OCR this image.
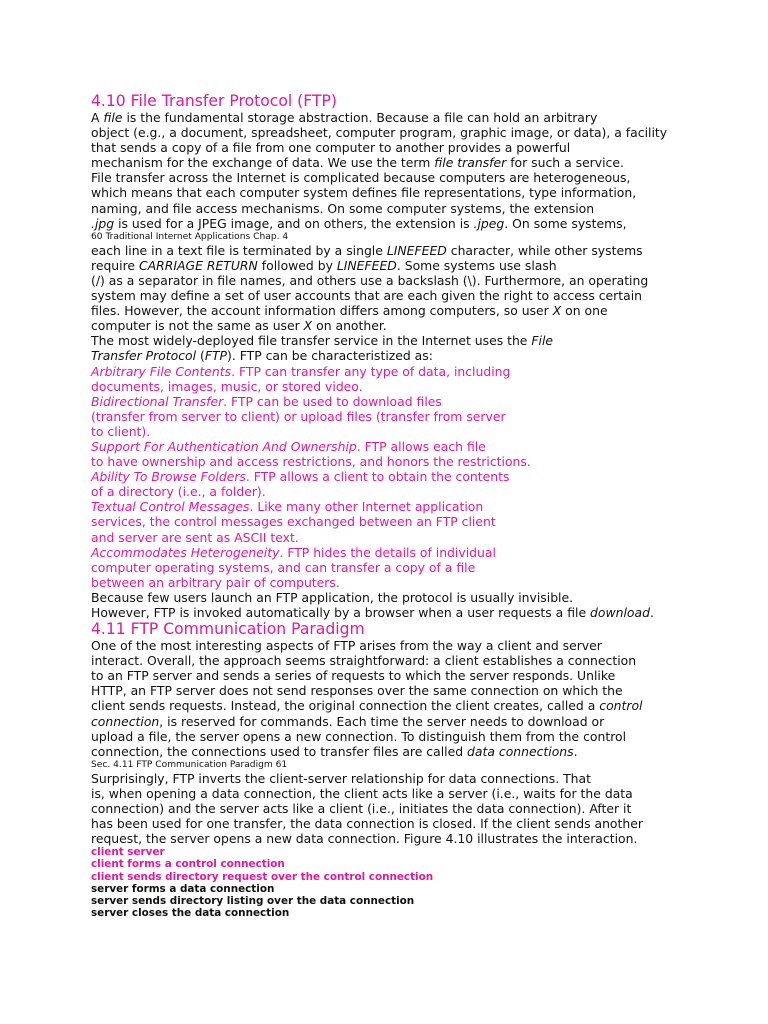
4.10 File Transfer Protocol (FTP)
A file is the fundamental storage abstraction. Because a file can hold an arbitrary
object (e.g., a document, spreadsheet, computer program, graphic image, or data), a facility
that sends a copy of a file from one computer to another provides a powerful
mechanism for the exchange of data. We use the term file transfer for such a service.
File transfer across the Internet is complicated because computers are heterogeneous,
which means that each computer system defines file representations, type information,
naming, and file access mechanisms. On some computer systems, the extension
.jpg is used for a JPEG image, and on others, the extension is .jpeg. On some systems,
60 Traditional Internet Applications Chap. 4
each line in a text file is terminated by a single LINEFEED character, while other systems
require CARRIAGE RETURN followed by LINEFEED. Some systems use slash
(/) as a separator in file names, and others use a backslash (\). Furthermore, an operating
system may define a set of user accounts that are each given the right to access certain
files. However, the account information differs among computers, so user X on one
computer is not the same as user X on another.
The most widely-deployed file transfer service in the Internet uses the File
Transfer Protocol (FTP). FTP can be characteristized as:
Arbitrary File Contents. FTP can transfer any type of data, including
documents, images, music, or stored video.
Bidirectional Transfer. FTP can be used to download files
(transfer from server to client) or upload files (transfer from server
to client).
Support For Authentication And Ownership. FTP allows each file
to have ownership and access restrictions, and honors the restrictions.
Ability To Browse Folders. FTP allows a client to obtain the contents
of a directory (i.e., a folder).
Textual Control Messages. Like many other Internet application
services, the control messages exchanged between an FTP client
and server are sent as ASCII text.
Accommodates Heterogeneity. FTP hides the details of individual
computer operating systems, and can transfer a copy of a file
between an arbitrary pair of computers.
Because few users launch an FTP application, the protocol is usually invisible.
However, FTP is invoked automatically by a browser when a user requests a file download.
4.11 FTP Communication Paradigm
One of the most interesting aspects of FTP arises from the way a client and server
interact. Overall, the approach seems straightforward: a client establishes a connection
to an FTP server and sends a series of requests to which the server responds. Unlike
HTTP, an FTP server does not send responses over the same connection on which the
client sends requests. Instead, the original connection the client creates, called a control
connection, is reserved for commands. Each time the server needs to download or
upload a file, the server opens a new connection. To distinguish them from the control
connection, the connections used to transfer files are called data connections.
Sec. 4.11 FTP Communication Paradigm 61
Surprisingly, FTP inverts the client-server relationship for data connections. That
is, when opening a data connection, the client acts like a server (i.e., waits for the data
connection) and the server acts like a client (i.e., initiates the data connection). After it
has been used for one transfer, the data connection is closed. If the client sends another
request, the server opens a new data connection. Figure 4.10 illustrates the interaction.
client server
client forms a control connection
client sends directory request over the control connection
server forms a data connection
server sends directory listing over the data connection
server closes the data connection
